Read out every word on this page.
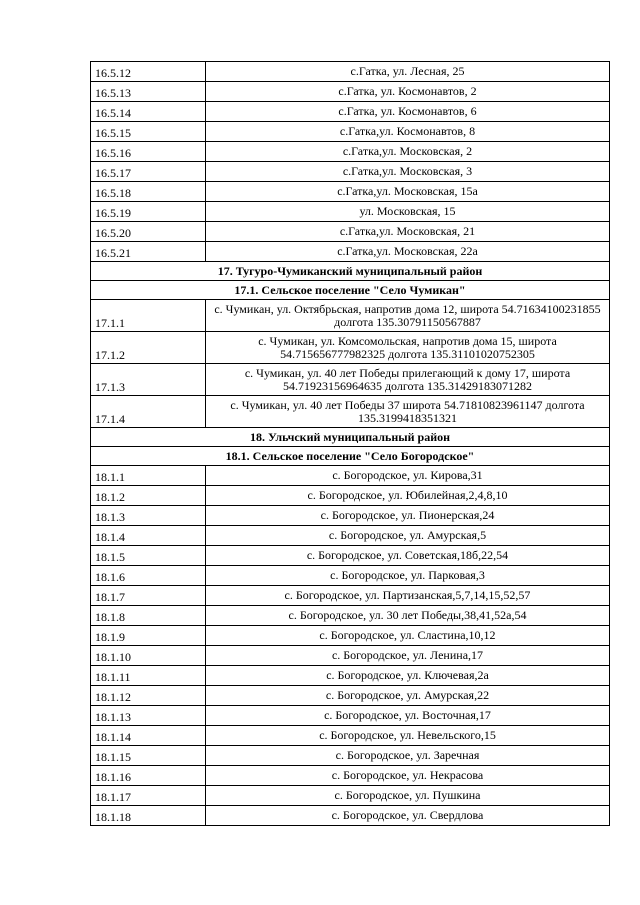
16.5.12	с.Гатка, ул. Лесная, 25
16.5.13	с.Гатка, ул. Космонавтов, 2
16.5.14	с.Гатка, ул. Космонавтов, 6
16.5.15	с.Гатка,ул. Космонавтов, 8
16.5.16	с.Гатка,ул. Московская, 2
16.5.17	с.Гатка,ул. Московская, 3
16.5.18	с.Гатка,ул. Московская, 15а
16.5.19	ул. Московская, 15
16.5.20	с.Гатка,ул. Московская, 21
16.5.21	с.Гатка,ул. Московская, 22а
17. Тугуро-Чумиканский муниципальный район	
17.1. Сельское поселение "Село Чумикан"	
17.1.1	с. Чумикан, ул. Октябрьская, напротив дома 12, широта 54.71634100231855 долгота 135.30791150567887
17.1.2	с. Чумикан, ул. Комсомольская, напротив дома 15, широта 54.715656777982325 долгота 135.31101020752305
17.1.3	с. Чумикан, ул. 40 лет Победы прилегающий к дому 17, широта 54.71923156964635 долгота 135.31429183071282
17.1.4	с. Чумикан, ул. 40 лет Победы 37 широта 54.71810823961147 долгота 135.3199418351321
18. Ульчский муниципальный район	
18.1. Сельское поселение "Село Богородское"	
18.1.1	с. Богородское, ул. Кирова,31
18.1.2	с. Богородское, ул. Юбилейная,2,4,8,10
18.1.3	с. Богородское, ул. Пионерская,24
18.1.4	с. Богородское, ул. Амурская,5
18.1.5	с. Богородское, ул. Советская,18б,22,54
18.1.6	с. Богородское, ул. Парковая,3
18.1.7	с. Богородское, ул. Партизанская,5,7,14,15,52,57
18.1.8	с. Богородское, ул. 30 лет Победы,38,41,52а,54
18.1.9	с. Богородское, ул. Сластина,10,12
18.1.10	с. Богородское, ул. Ленина,17
18.1.11	с. Богородское, ул. Ключевая,2а
18.1.12	с. Богородское, ул. Амурская,22
18.1.13	с. Богородское, ул. Восточная,17
18.1.14	с. Богородское, ул. Невельского,15
18.1.15	с. Богородское, ул. Заречная
18.1.16	с. Богородское, ул. Некрасова
18.1.17	с. Богородское, ул. Пушкина
18.1.18	с. Богородское, ул. Свердлова
